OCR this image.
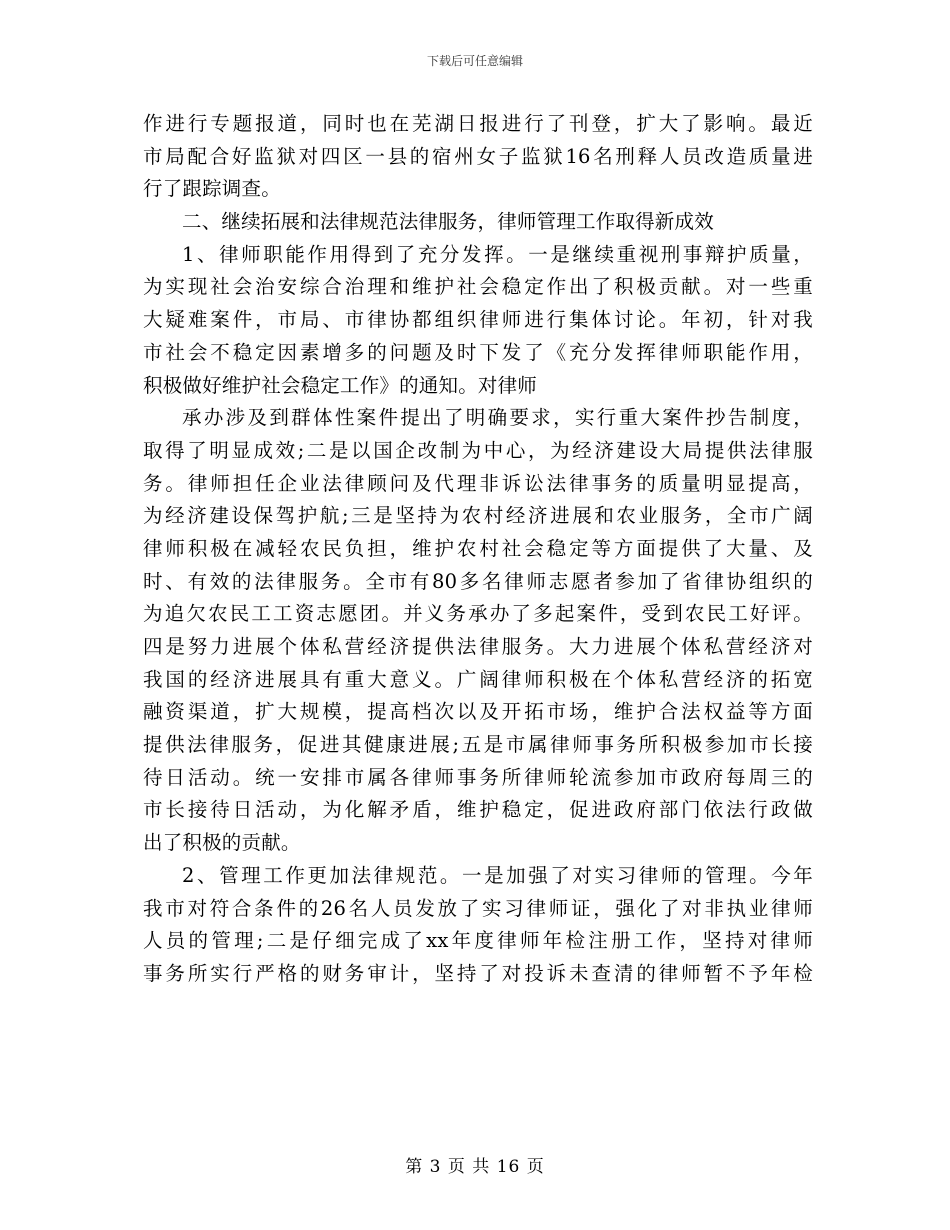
下载后可任意编辑
作进行专题报道，同时也在芜湖日报进行了刊登，扩大了影响。最近
市局配合好监狱对四区一县的宿州女子监狱16名刑释人员改造质量进
行了跟踪调查。
二、继续拓展和法律规范法律服务，律师管理工作取得新成效
1、律师职能作用得到了充分发挥。一是继续重视刑事辩护质量，
为实现社会治安综合治理和维护社会稳定作出了积极贡献。对一些重
大疑难案件，市局、市律协都组织律师进行集体讨论。年初，针对我
市社会不稳定因素增多的问题及时下发了《充分发挥律师职能作用，
积极做好维护社会稳定工作》的通知。对律师
承办涉及到群体性案件提出了明确要求，实行重大案件抄告制度，
取得了明显成效;二是以国企改制为中心，为经济建设大局提供法律服
务。律师担任企业法律顾问及代理非诉讼法律事务的质量明显提高，
为经济建设保驾护航;三是坚持为农村经济进展和农业服务，全市广阔
律师积极在减轻农民负担，维护农村社会稳定等方面提供了大量、及
时、有效的法律服务。全市有80多名律师志愿者参加了省律协组织的
为追欠农民工工资志愿团。并义务承办了多起案件，受到农民工好评。
四是努力进展个体私营经济提供法律服务。大力进展个体私营经济对
我国的经济进展具有重大意义。广阔律师积极在个体私营经济的拓宽
融资渠道，扩大规模，提高档次以及开拓市场，维护合法权益等方面
提供法律服务，促进其健康进展;五是市属律师事务所积极参加市长接
待日活动。统一安排市属各律师事务所律师轮流参加市政府每周三的
市长接待日活动，为化解矛盾，维护稳定，促进政府部门依法行政做
出了积极的贡献。
2、管理工作更加法律规范。一是加强了对实习律师的管理。今年
我市对符合条件的26名人员发放了实习律师证，强化了对非执业律师
人员的管理;二是仔细完成了xx年度律师年检注册工作，坚持对律师
事务所实行严格的财务审计，坚持了对投诉未查清的律师暂不予年检
第 3 页 共 16 页
